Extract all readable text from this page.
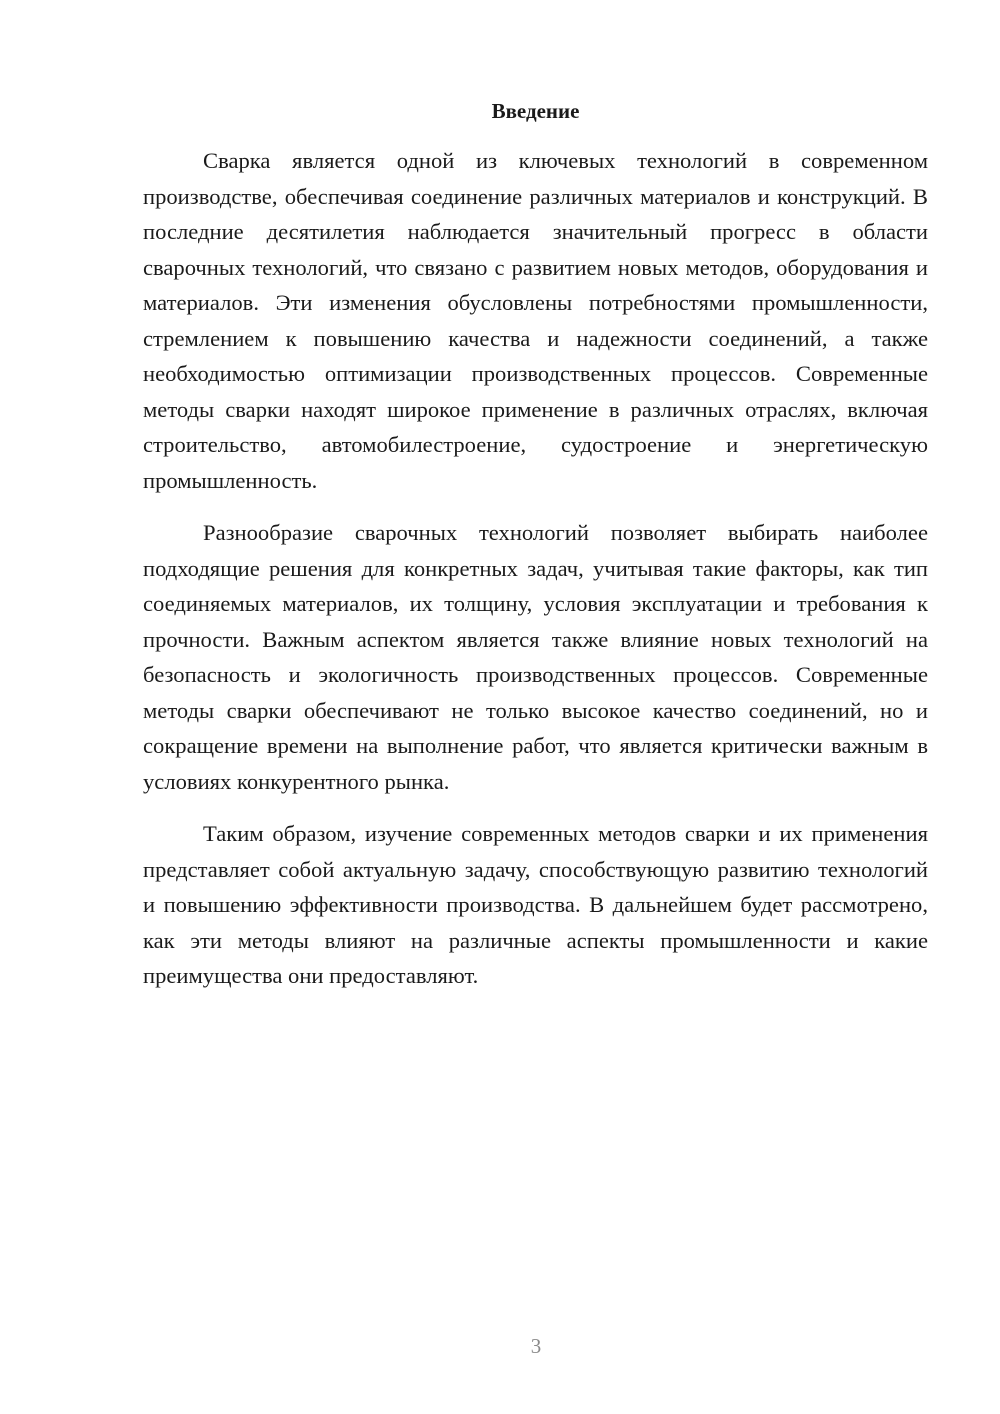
Введение

Сварка является одной из ключевых технологий в современном производстве, обеспечивая соединение различных материалов и конструкций. В последние десятилетия наблюдается значительный прогресс в области сварочных технологий, что связано с развитием новых методов, оборудования и материалов. Эти изменения обусловлены потребностями промышленности, стремлением к повышению качества и надежности соединений, а также необходимостью оптимизации производственных процессов. Современные методы сварки находят широкое применение в различных отраслях, включая строительство, автомобилестроение, судостроение и энергетическую промышленность.

Разнообразие сварочных технологий позволяет выбирать наиболее подходящие решения для конкретных задач, учитывая такие факторы, как тип соединяемых материалов, их толщину, условия эксплуатации и требования к прочности. Важным аспектом является также влияние новых технологий на безопасность и экологичность производственных процессов. Современные методы сварки обеспечивают не только высокое качество соединений, но и сокращение времени на выполнение работ, что является критически важным в условиях конкурентного рынка.

Таким образом, изучение современных методов сварки и их применения представляет собой актуальную задачу, способствующую развитию технологий и повышению эффективности производства. В дальнейшем будет рассмотрено, как эти методы влияют на различные аспекты промышленности и какие преимущества они предоставляют.

3
